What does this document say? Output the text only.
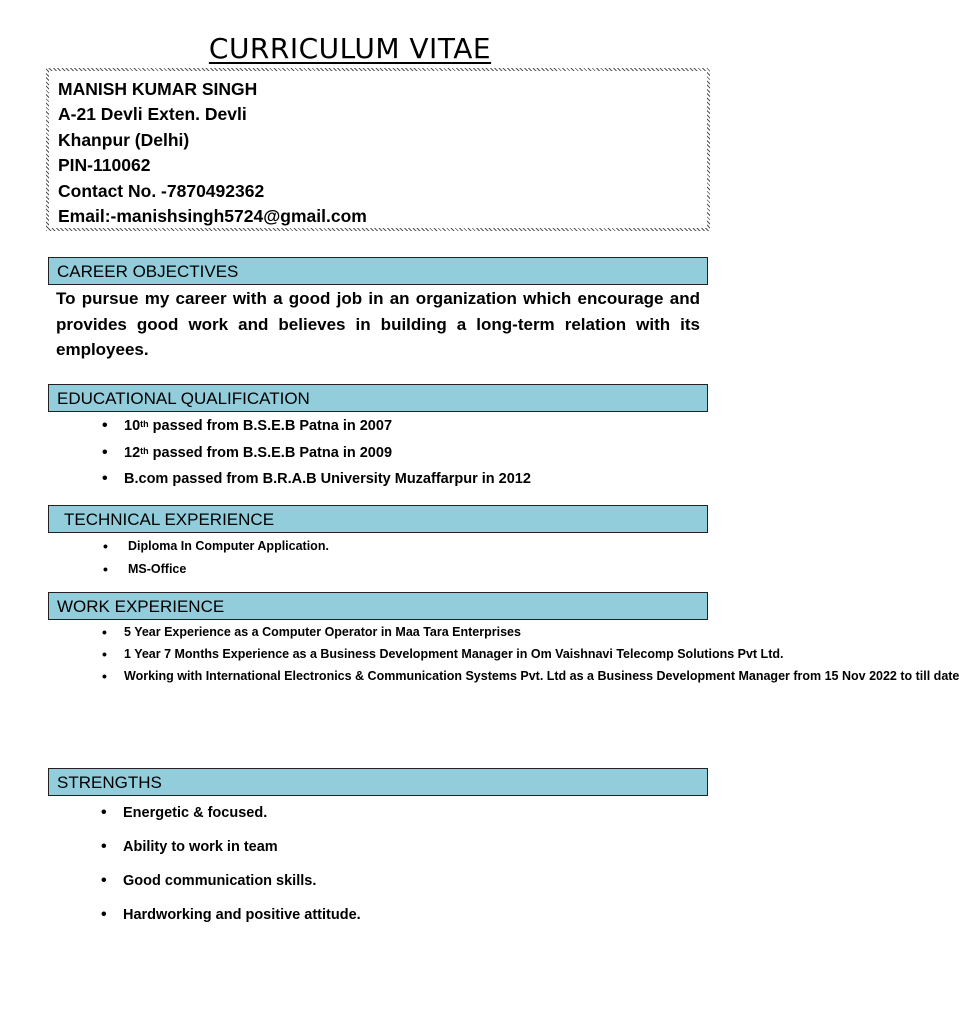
CURRICULUM VITAE
MANISH KUMAR SINGH
A-21 Devli Exten. Devli
Khanpur (Delhi)
PIN-110062
Contact No. -7870492362
Email:-manishsingh5724@gmail.com
CAREER OBJECTIVES
To pursue my career with a good job in an organization which encourage and provides good work and believes in building a long-term relation with its employees.
EDUCATIONAL QUALIFICATION
• 10th passed from B.S.E.B Patna in 2007
• 12th passed from B.S.E.B Patna in 2009
• B.com passed from B.R.A.B University Muzaffarpur in 2012
TECHNICAL EXPERIENCE
• Diploma In Computer Application.
• MS-Office
WORK EXPERIENCE
• 5 Year Experience as a Computer Operator in Maa Tara Enterprises
• 1 Year 7 Months Experience as a Business Development Manager in Om Vaishnavi Telecomp Solutions Pvt Ltd.
• Working with International Electronics & Communication Systems Pvt. Ltd as a Business Development Manager from 15 Nov 2022 to till date
STRENGTHS
• Energetic & focused.
• Ability to work in team
• Good communication skills.
• Hardworking and positive attitude.
